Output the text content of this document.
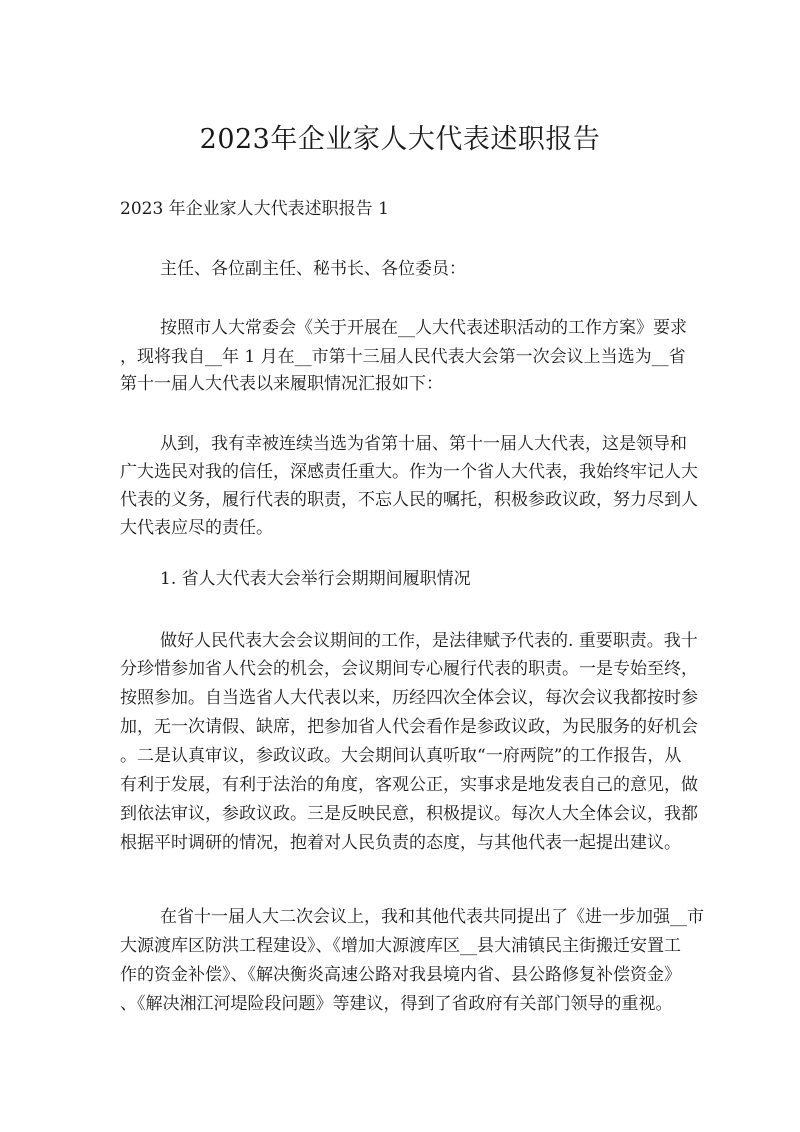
2023年企业家人大代表述职报告
2023 年企业家人大代表述职报告 1

主任、各位副主任、秘书长、各位委员：

按照市人大常委会《关于开展在__人大代表述职活动的工作方案》要求

，现将我自__年 1 月在__市第十三届人民代表大会第一次会议上当选为__省

第十一届人大代表以来履职情况汇报如下：

从到，我有幸被连续当选为省第十届、第十一届人大代表，这是领导和

广大选民对我的信任，深感责任重大。作为一个省人大代表，我始终牢记人大

代表的义务，履行代表的职责，不忘人民的嘱托，积极参政议政，努力尽到人

大代表应尽的责任。

1. 省人大代表大会举行会期期间履职情况

做好人民代表大会会议期间的工作，是法律赋予代表的. 重要职责。我十

分珍惜参加省人代会的机会，会议期间专心履行代表的职责。一是专始至终，

按照参加。自当选省人大代表以来，历经四次全体会议，每次会议我都按时参

加，无一次请假、缺席，把参加省人代会看作是参政议政，为民服务的好机会

。二是认真审议，参政议政。大会期间认真听取“一府两院”的工作报告，从

有利于发展，有利于法治的角度，客观公正，实事求是地发表自己的意见，做

到依法审议，参政议政。三是反映民意，积极提议。每次人大全体会议，我都

根据平时调研的情况，抱着对人民负责的态度，与其他代表一起提出建议。

在省十一届人大二次会议上，我和其他代表共同提出了《进一步加强__市

大源渡库区防洪工程建设》、《增加大源渡库区__县大浦镇民主街搬迁安置工

作的资金补偿》、《解决衡炎高速公路对我县境内省、县公路修复补偿资金》

、《解决湘江河堤险段问题》等建议，得到了省政府有关部门领导的重视。
